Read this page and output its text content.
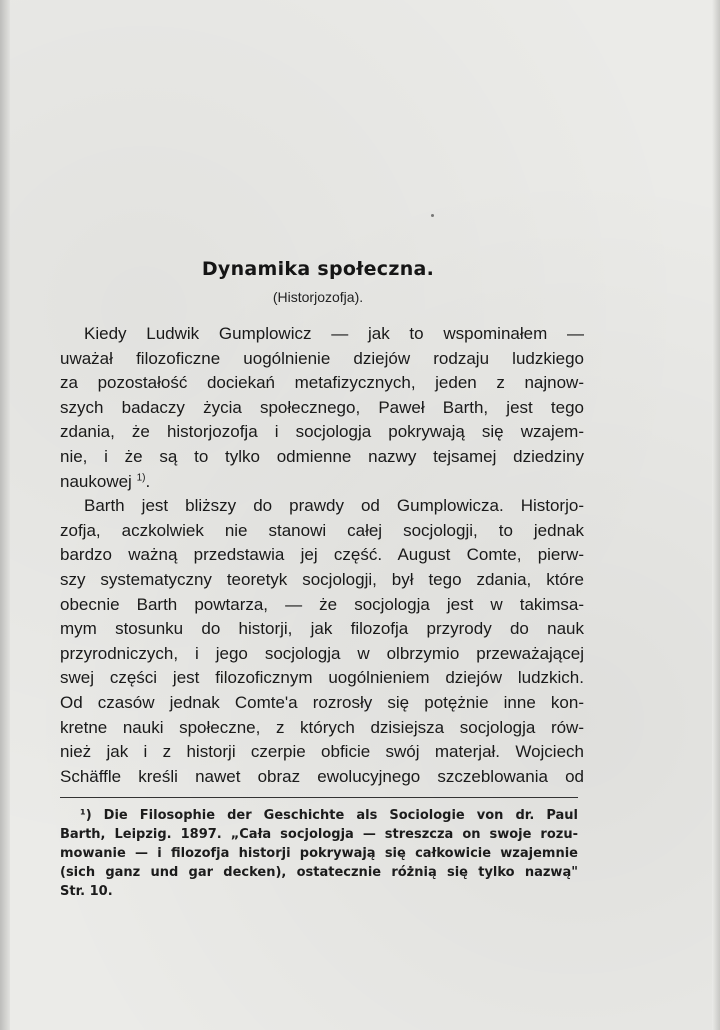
Dynamika społeczna.
(Historjozofja).
Kiedy Ludwik Gumplowicz — jak to wspominałem —
uważał filozoficzne uogólnienie dziejów rodzaju ludzkiego
za pozostałość dociekań metafizycznych, jeden z najnow-
szych badaczy życia społecznego, Paweł Barth, jest tego
zdania, że historjozofja i socjologja pokrywają się wzajem-
nie, i że są to tylko odmienne nazwy tejsamej dziedziny
naukowej $^{1)}$.
Barth jest bliższy do prawdy od Gumplowicza. Historjo-
zofja, aczkolwiek nie stanowi całej socjologji, to jednak
bardzo ważną przedstawia jej część. August Comte, pierw-
szy systematyczny teoretyk socjologji, był tego zdania, które
obecnie Barth powtarza, — że socjologja jest w takimsa-
mym stosunku do historji, jak filozofja przyrody do nauk
przyrodniczych, i jego socjologja w olbrzymio przeważającej
swej części jest filozoficznym uogólnieniem dziejów ludzkich.
Od czasów jednak Comte'a rozrosły się potężnie inne kon-
kretne nauki społeczne, z których dzisiejsza socjologja rów-
nież jak i z historji czerpie obficie swój materjał. Wojciech
Schäffle kreśli nawet obraz ewolucyjnego szczeblowania od
¹) Die Filosophie der Geschichte als Sociologie von dr. Paul
Barth, Leipzig. 1897. „Cała socjologja — streszcza on swoje rozu-
mowanie — i filozofja historji pokrywają się całkowicie wzajemnie
(sich ganz und gar decken), ostatecznie różnią się tylko nazwą"
Str. 10.
